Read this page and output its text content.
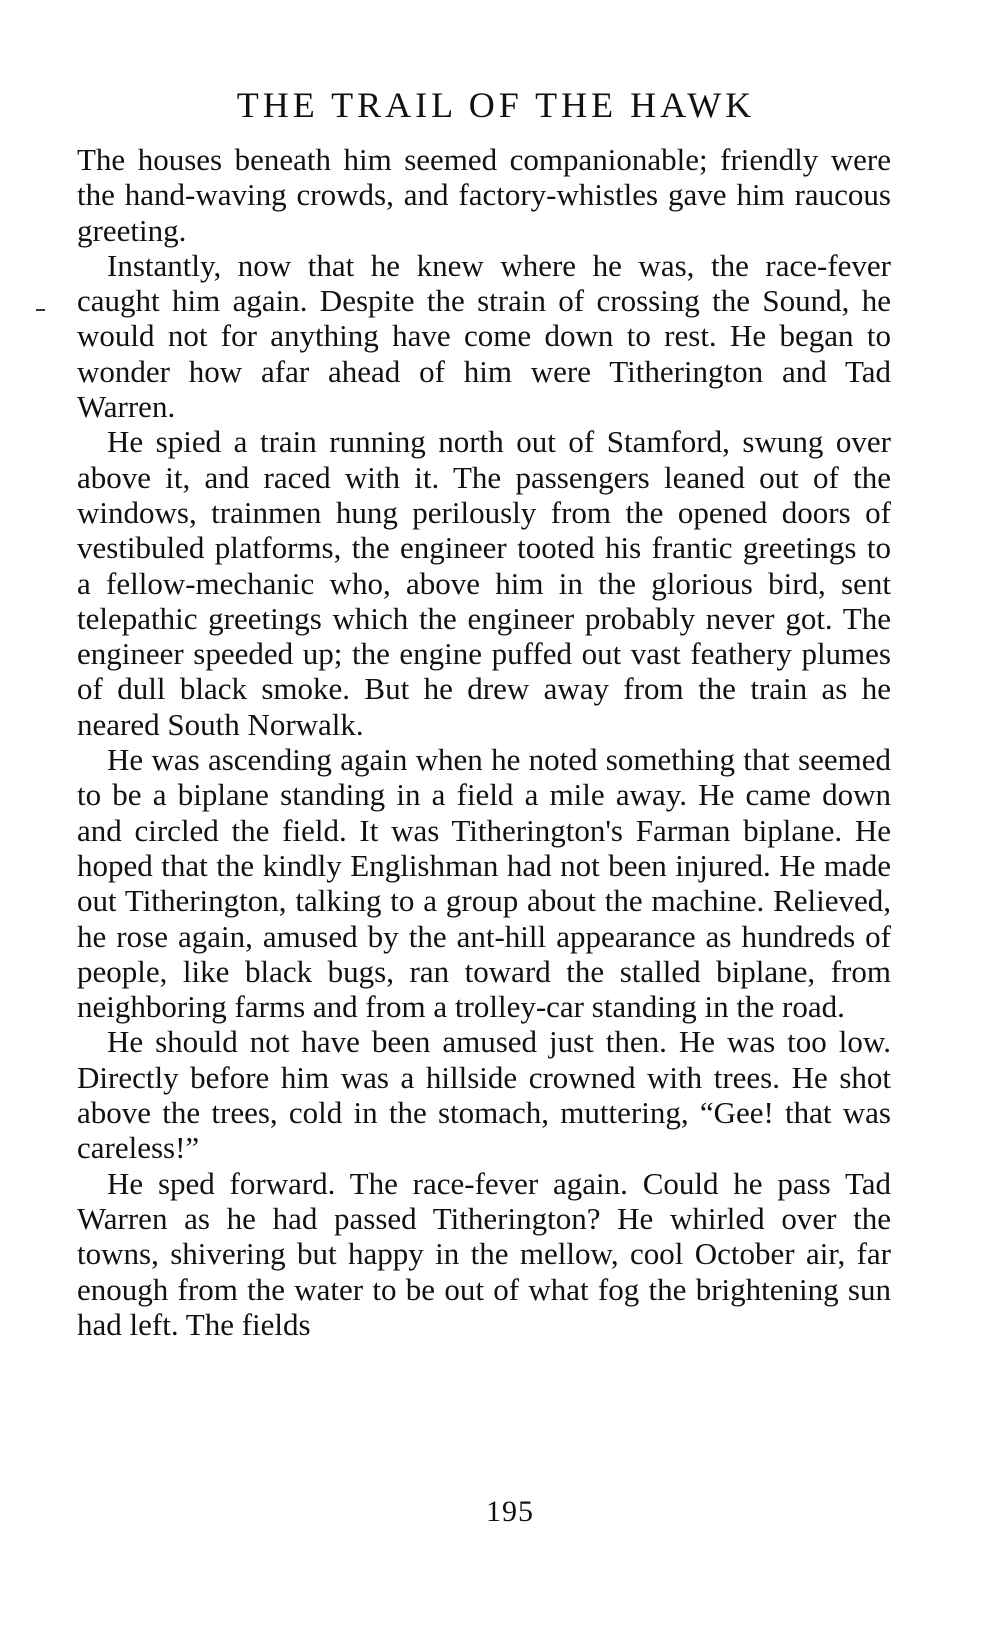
THE TRAIL OF THE HAWK

The houses beneath him seemed companionable; friendly were the hand-waving crowds, and factory-whistles gave him raucous greeting.

Instantly, now that he knew where he was, the race-fever caught him again. Despite the strain of crossing the Sound, he would not for anything have come down to rest. He began to wonder how afar ahead of him were Titherington and Tad Warren.

He spied a train running north out of Stamford, swung over above it, and raced with it. The passengers leaned out of the windows, trainmen hung perilously from the opened doors of vestibuled platforms, the engineer tooted his frantic greetings to a fellow-mechanic who, above him in the glorious bird, sent telepathic greetings which the engineer probably never got. The engineer speeded up; the engine puffed out vast feathery plumes of dull black smoke. But he drew away from the train as he neared South Norwalk.

He was ascending again when he noted something that seemed to be a biplane standing in a field a mile away. He came down and circled the field. It was Titherington's Farman biplane. He hoped that the kindly Englishman had not been injured. He made out Titherington, talking to a group about the machine. Relieved, he rose again, amused by the ant-hill appearance as hundreds of people, like black bugs, ran toward the stalled biplane, from neighboring farms and from a trolley-car standing in the road.

He should not have been amused just then. He was too low. Directly before him was a hillside crowned with trees. He shot above the trees, cold in the stomach, muttering, “Gee! that was careless!”

He sped forward. The race-fever again. Could he pass Tad Warren as he had passed Titherington? He whirled over the towns, shivering but happy in the mellow, cool October air, far enough from the water to be out of what fog the brightening sun had left. The fields

195
